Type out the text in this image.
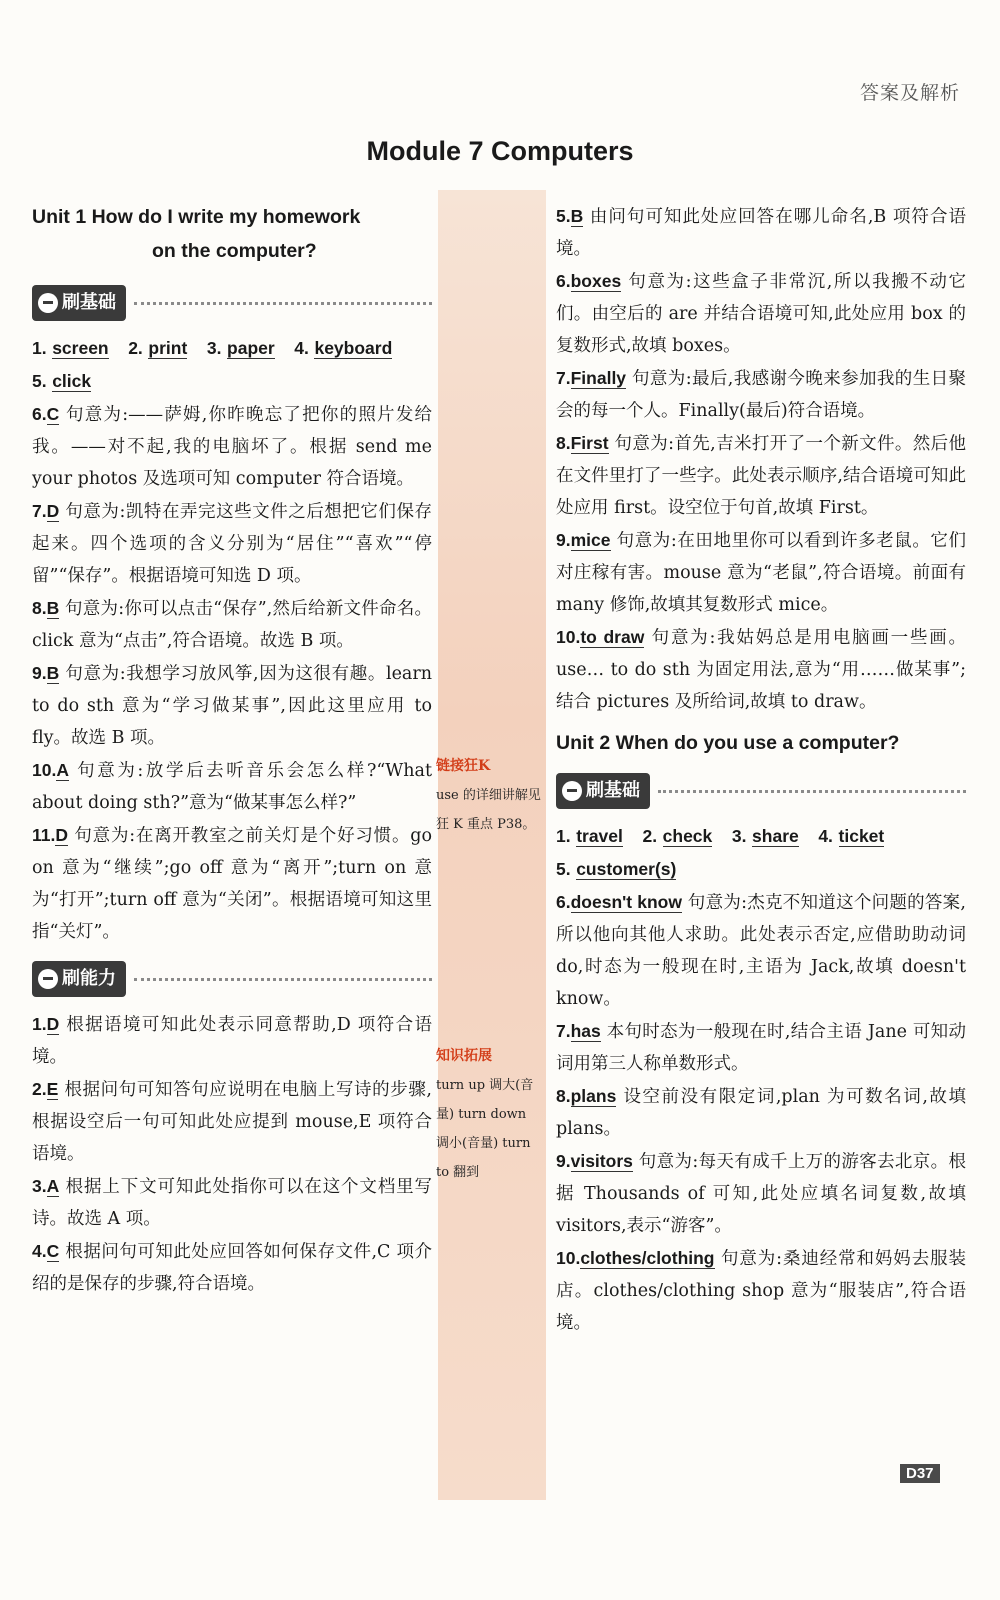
答案及解析
Module 7 Computers
Unit 1 How do I write my homework
on the computer?
刷基础

1. screen 2. print 3. paper 4. keyboard

5. click

6.C 句意为:——萨姆,你昨晚忘了把你的照片发给我。——对不起,我的电脑坏了。根据 send me your photos 及选项可知 computer 符合语境。

7.D 句意为:凯特在弄完这些文件之后想把它们保存起来。四个选项的含义分别为“居住”“喜欢”“停留”“保存”。根据语境可知选 D 项。

8.B 句意为:你可以点击“保存”,然后给新文件命名。click 意为“点击”,符合语境。故选 B 项。

9.B 句意为:我想学习放风筝,因为这很有趣。learn to do sth 意为“学习做某事”,因此这里应用 to fly。故选 B 项。

10.A 句意为:放学后去听音乐会怎么样?“What about doing sth?”意为“做某事怎么样?”

11.D 句意为:在离开教室之前关灯是个好习惯。go on 意为“继续”;go off 意为“离开”;turn on 意为“打开”;turn off 意为“关闭”。根据语境可知这里指“关灯”。

刷能力

1.D 根据语境可知此处表示同意帮助,D 项符合语境。

2.E 根据问句可知答句应说明在电脑上写诗的步骤,根据设空后一句可知此处应提到 mouse,E 项符合语境。

3.A 根据上下文可知此处指你可以在这个文档里写诗。故选 A 项。

4.C 根据问句可知此处应回答如何保存文件,C 项介绍的是保存的步骤,符合语境。

链接狂K
use 的详细讲解见狂 K 重点 P38。
知识拓展
turn up 调大(音量) turn down 调小(音量) turn to 翻到

5.B 由问句可知此处应回答在哪儿命名,B 项符合语境。

6.boxes 句意为:这些盒子非常沉,所以我搬不动它们。由空后的 are 并结合语境可知,此处应用 box 的复数形式,故填 boxes。

7.Finally 句意为:最后,我感谢今晚来参加我的生日聚会的每一个人。Finally(最后)符合语境。

8.First 句意为:首先,吉米打开了一个新文件。然后他在文件里打了一些字。此处表示顺序,结合语境可知此处应用 first。设空位于句首,故填 First。

9.mice 句意为:在田地里你可以看到许多老鼠。它们对庄稼有害。mouse 意为“老鼠”,符合语境。前面有 many 修饰,故填其复数形式 mice。

10.to draw 句意为:我姑妈总是用电脑画一些画。use… to do sth 为固定用法,意为“用……做某事”;结合 pictures 及所给词,故填 to draw。

Unit 2 When do you use a computer?
刷基础

1. travel 2. check 3. share 4. ticket

5. customer(s)

6.doesn't know 句意为:杰克不知道这个问题的答案,所以他向其他人求助。此处表示否定,应借助助动词 do,时态为一般现在时,主语为 Jack,故填 doesn't know。

7.has 本句时态为一般现在时,结合主语 Jane 可知动词用第三人称单数形式。

8.plans 设空前没有限定词,plan 为可数名词,故填 plans。

9.visitors 句意为:每天有成千上万的游客去北京。根据 Thousands of 可知,此处应填名词复数,故填 visitors,表示“游客”。

10.clothes/clothing 句意为:桑迪经常和妈妈去服装店。clothes/clothing shop 意为“服装店”,符合语境。

D37
